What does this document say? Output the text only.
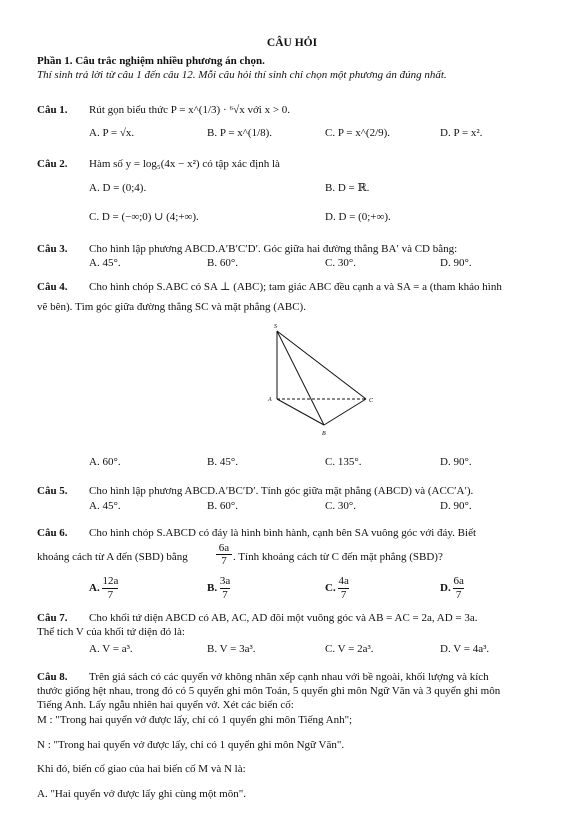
CÂU HỎI
Phần 1. Câu trắc nghiệm nhiều phương án chọn.
Thí sinh trả lời từ câu 1 đến câu 12. Mỗi câu hỏi thí sinh chỉ chọn một phương án đúng nhất.
Câu 1. Rút gọn biểu thức P = x^(1/3) · ⁶√x với x > 0.
A. P = √x.	B. P = x^(1/8).	C. P = x^(2/9).	D. P = x².
Câu 2. Hàm số y = log₅(4x − x²) có tập xác định là
A. D = (0;4).	B. D = ℝ.
C. D = (−∞;0) ∪ (4;+∞).	D. D = (0;+∞).
Câu 3. Cho hình lập phương ABCD.A′B′C′D′. Góc giữa hai đường thẳng BA′ và CD bằng:
A. 45°.	B. 60°.	C. 30°.	D. 90°.
Câu 4. Cho hình chóp S.ABC có SA ⊥ (ABC); tam giác ABC đều cạnh a và SA = a (tham khảo hình
vẽ bên). Tìm góc giữa đường thẳng SC và mặt phẳng (ABC).
S
A
B
C
A. 60°.	B. 45°.	C. 135°.	D. 90°.
Câu 5. Cho hình lập phương ABCD.A′BC′D′. Tính góc giữa mặt phẳng (ABCD) và (ACC′A′).
A. 45°.	B. 60°.	C. 30°.	D. 90°.
Câu 6. Cho hình chóp S.ABCD có đáy là hình bình hành, cạnh bên SA vuông góc với đáy. Biết
khoảng cách từ A đến (SBD) bằng	$\frac{6a}{7}$ . Tính khoảng cách từ C đến mặt phẳng (SBD)?
A. $\frac{12a}{7}$	B. $\frac{3a}{7}$	C. $\frac{4a}{7}$	D. $\frac{6a}{7}$
Câu 7. Cho khối tứ diện ABCD có AB, AC, AD đôi một vuông góc và AB = AC = 2a, AD = 3a.
Thể tích V của khối tứ diện đó là:
A. V = a³.	B. V = 3a³.	C. V = 2a³.	D. V = 4a³.
Câu 8. Trên giá sách có các quyển vở không nhãn xếp cạnh nhau với bề ngoài, khối lượng và kích
thước giống hệt nhau, trong đó có 5 quyển ghi môn Toán, 5 quyển ghi môn Ngữ Văn và 3 quyển ghi môn
Tiếng Anh. Lấy ngẫu nhiên hai quyển vở. Xét các biến cố:
M : "Trong hai quyển vở được lấy, chỉ có 1 quyển ghi môn Tiếng Anh";
N : "Trong hai quyển vở được lấy, chỉ có 1 quyển ghi môn Ngữ Văn".
Khi đó, biến cố giao của hai biến cố M và N là:
A. "Hai quyển vở được lấy ghi cùng một môn".
